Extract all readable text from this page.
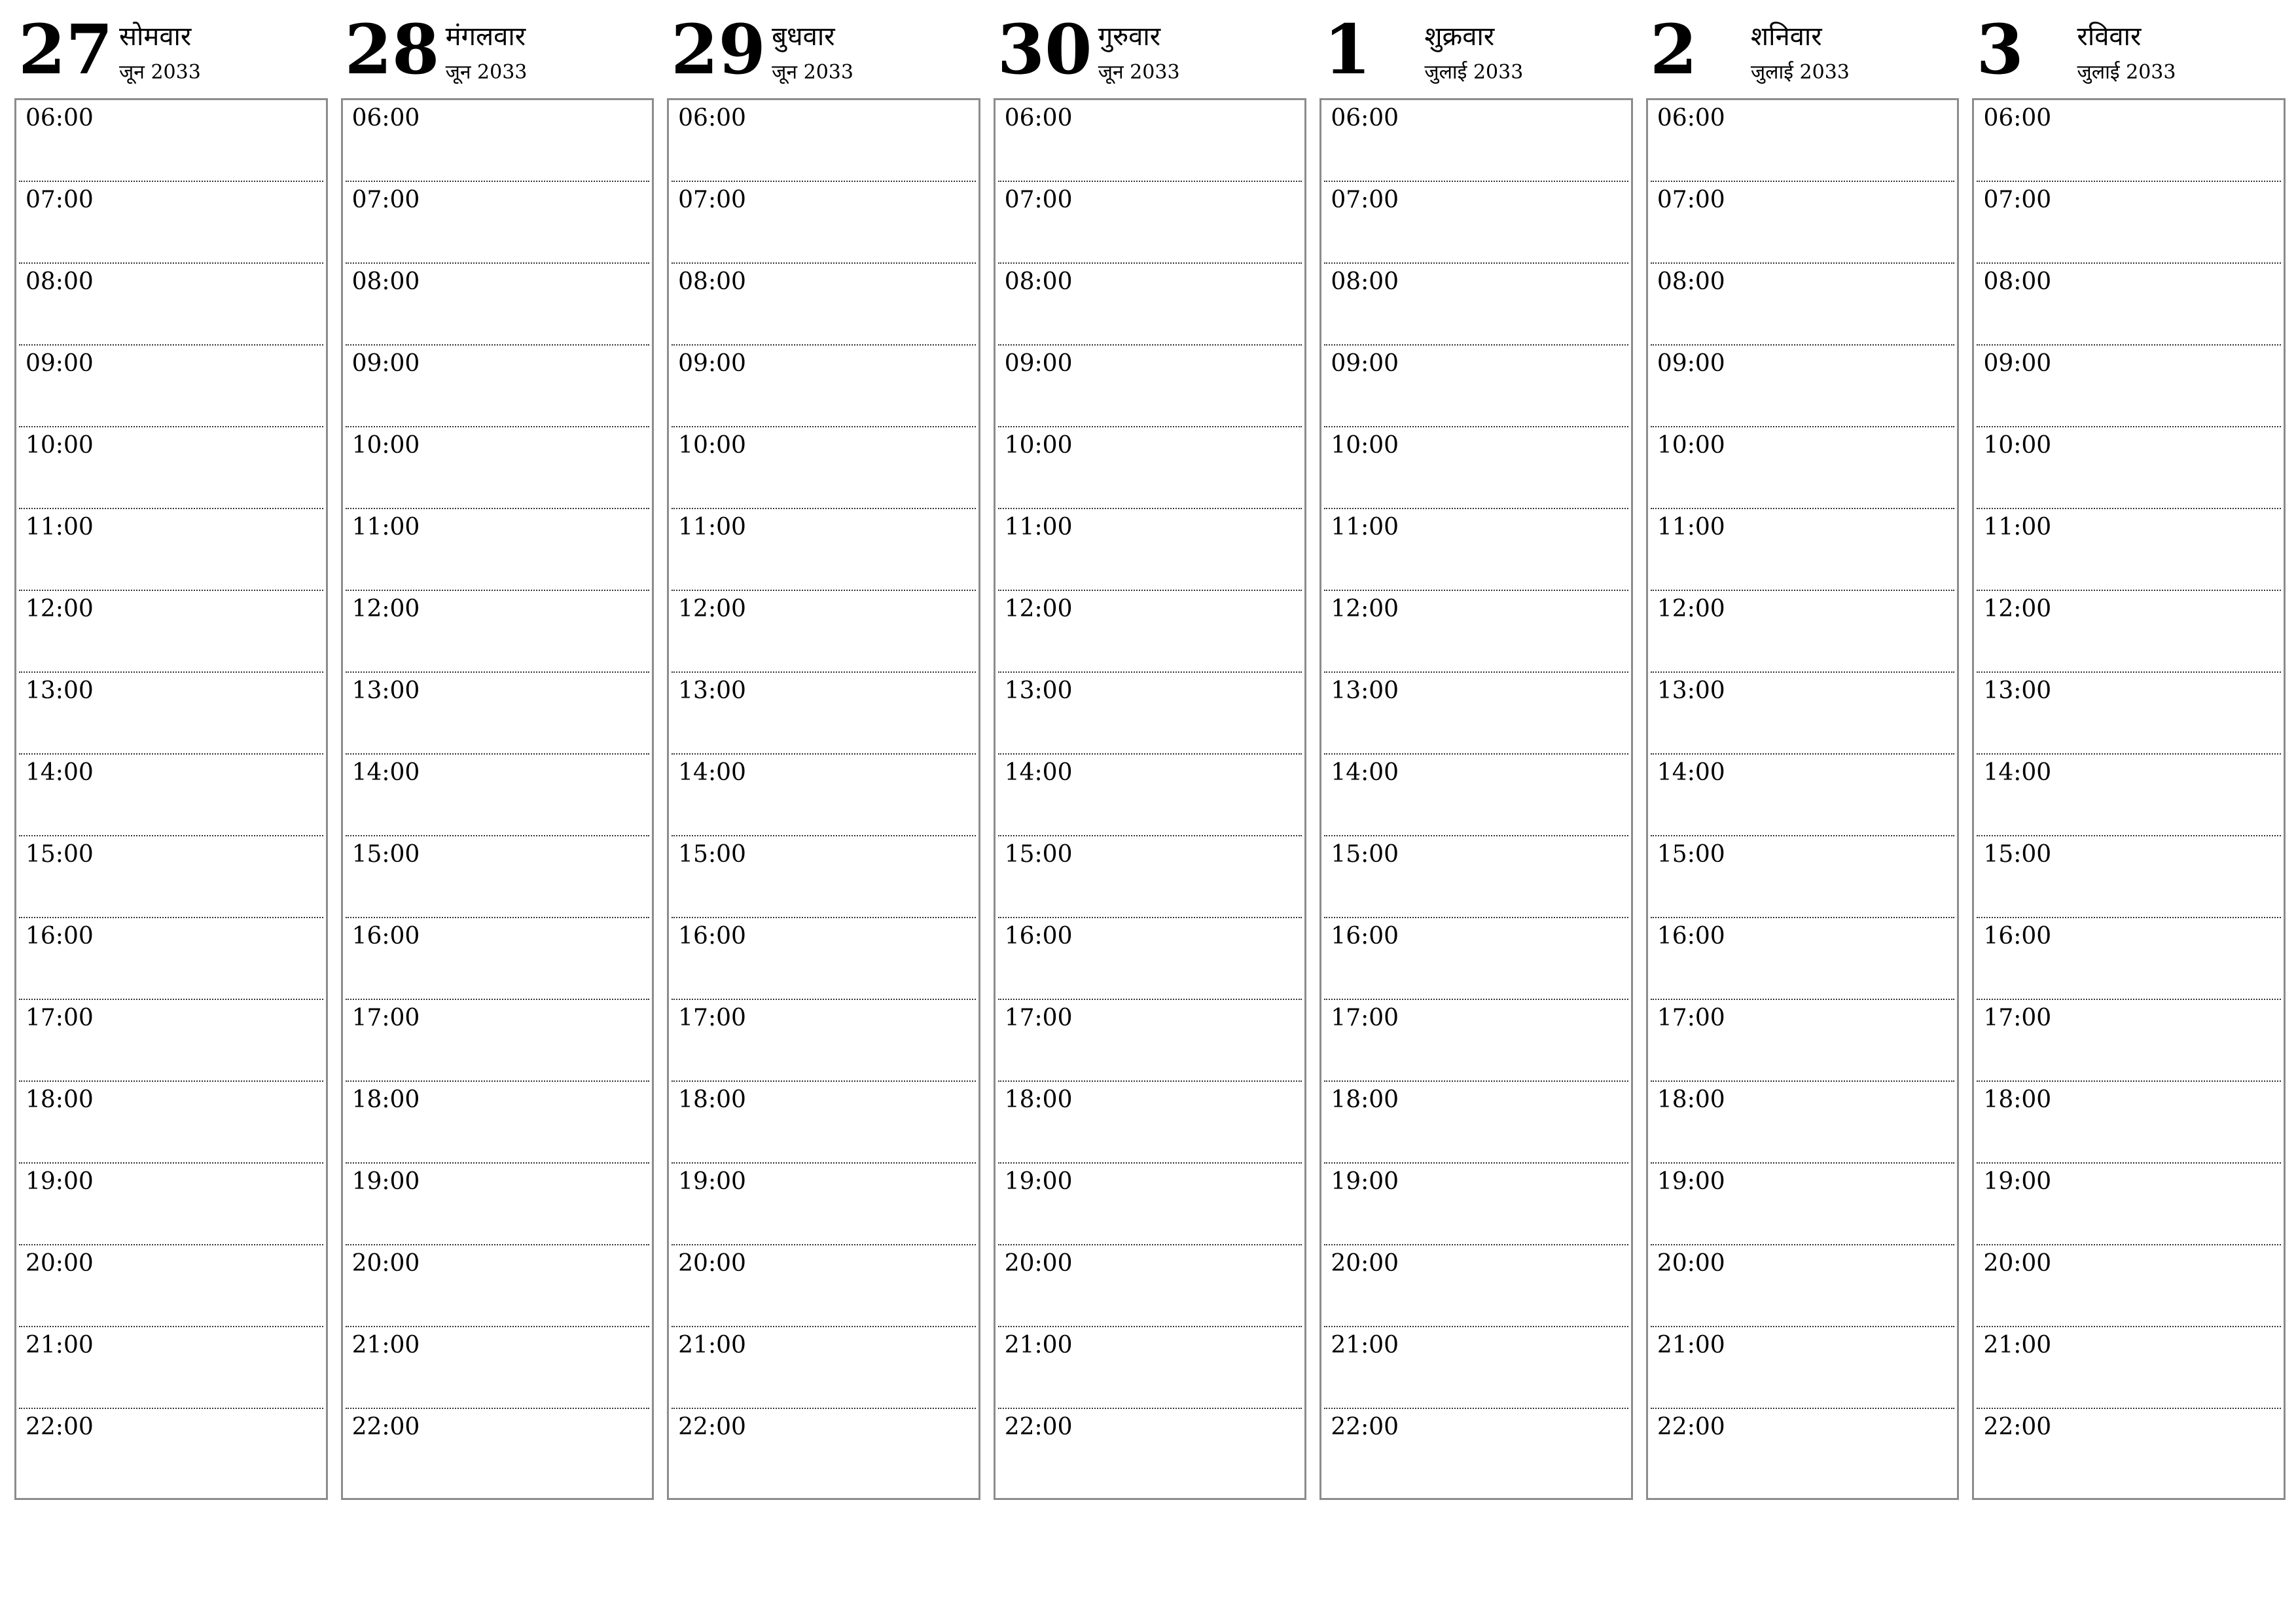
27 सोमवार
जून 2033
06:00
07:00
08:00
09:00
10:00
11:00
12:00
13:00
14:00
15:00
16:00
17:00
18:00
19:00
20:00
21:00
22:00
28 मंगलवार
जून 2033
06:00
07:00
08:00
09:00
10:00
11:00
12:00
13:00
14:00
15:00
16:00
17:00
18:00
19:00
20:00
21:00
22:00
29 बुधवार
जून 2033
06:00
07:00
08:00
09:00
10:00
11:00
12:00
13:00
14:00
15:00
16:00
17:00
18:00
19:00
20:00
21:00
22:00
30 गुरुवार
जून 2033
06:00
07:00
08:00
09:00
10:00
11:00
12:00
13:00
14:00
15:00
16:00
17:00
18:00
19:00
20:00
21:00
22:00
1 शुक्रवार
जुलाई 2033
06:00
07:00
08:00
09:00
10:00
11:00
12:00
13:00
14:00
15:00
16:00
17:00
18:00
19:00
20:00
21:00
22:00
2 शनिवार
जुलाई 2033
06:00
07:00
08:00
09:00
10:00
11:00
12:00
13:00
14:00
15:00
16:00
17:00
18:00
19:00
20:00
21:00
22:00
3 रविवार
जुलाई 2033
06:00
07:00
08:00
09:00
10:00
11:00
12:00
13:00
14:00
15:00
16:00
17:00
18:00
19:00
20:00
21:00
22:00
